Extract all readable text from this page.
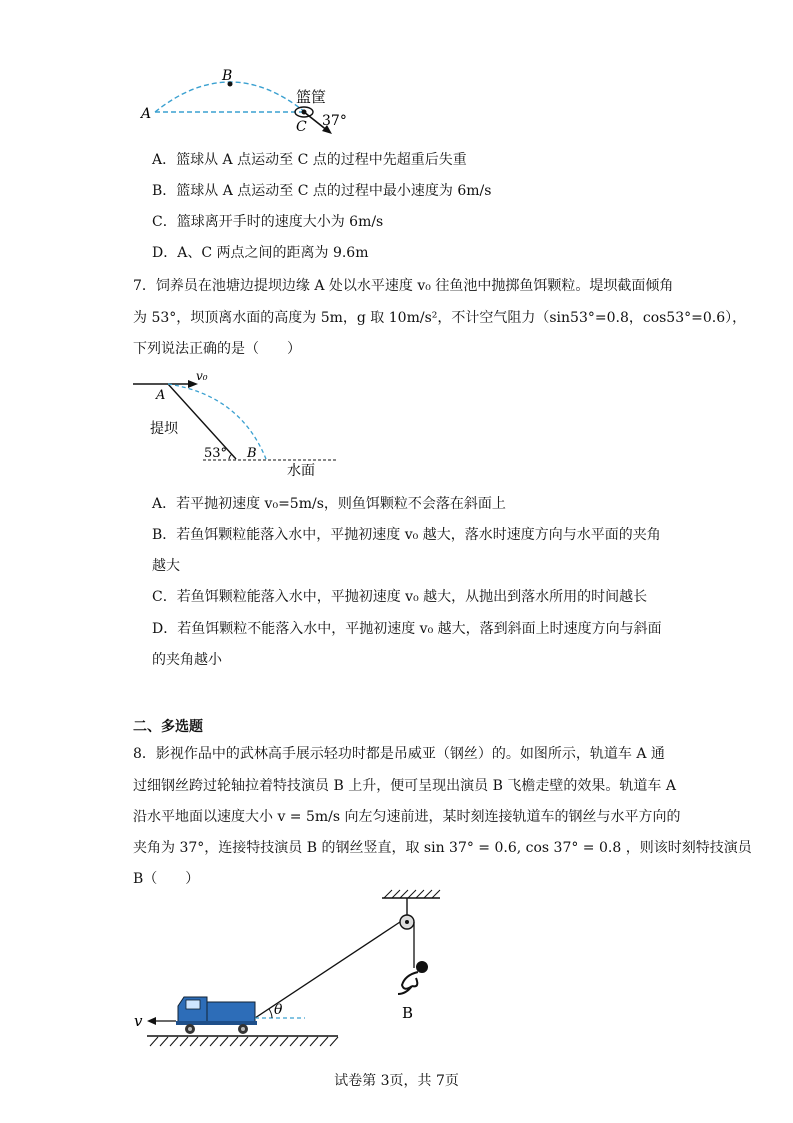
A
B
C
篮筐
37°
A．篮球从 A 点运动至 C 点的过程中先超重后失重
B．篮球从 A 点运动至 C 点的过程中最小速度为 6m/s
C．篮球离开手时的速度大小为 6m/s
D．A、C 两点之间的距离为 9.6m
7．饲养员在池塘边提坝边缘 A 处以水平速度 v₀ 往鱼池中抛掷鱼饵颗粒。堤坝截面倾角
为 53°，坝顶离水面的高度为 5m，g 取 10m/s²，不计空气阻力（sin53°=0.8，cos53°=0.6），
下列说法正确的是（　　）
v₀
A
B
提坝
53°
水面
A．若平抛初速度 v₀=5m/s，则鱼饵颗粒不会落在斜面上
B．若鱼饵颗粒能落入水中，平抛初速度 v₀ 越大，落水时速度方向与水平面的夹角
越大
C．若鱼饵颗粒能落入水中，平抛初速度 v₀ 越大，从抛出到落水所用的时间越长
D．若鱼饵颗粒不能落入水中，平抛初速度 v₀ 越大，落到斜面上时速度方向与斜面
的夹角越小
二、多选题
8．影视作品中的武林高手展示轻功时都是吊威亚（钢丝）的。如图所示，轨道车 A 通
过细钢丝跨过轮轴拉着特技演员 B 上升，便可呈现出演员 B 飞檐走壁的效果。轨道车 A
沿水平地面以速度大小 v = 5m/s 向左匀速前进，某时刻连接轨道车的钢丝与水平方向的
夹角为 37°，连接特技演员 B 的钢丝竖直，取 sin 37° = 0.6, cos 37° = 0.8 ，则该时刻特技演员
B（　　）
B
θ
v
试卷第 3页，共 7页
